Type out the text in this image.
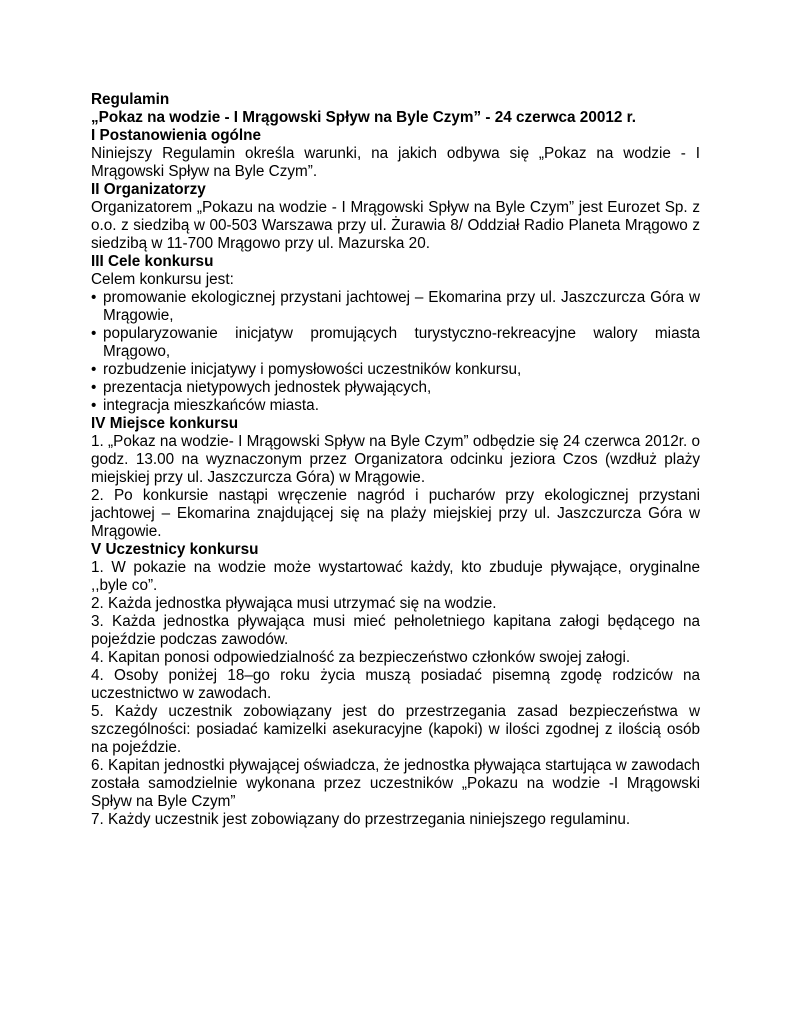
Regulamin

„Pokaz na wodzie - I Mrągowski Spływ na Byle Czym” - 24 czerwca 20012 r.

I Postanowienia ogólne

Niniejszy Regulamin określa warunki, na jakich odbywa się „Pokaz na wodzie - I Mrągowski Spływ na Byle Czym”.

II Organizatorzy

Organizatorem „Pokazu na wodzie - I Mrągowski Spływ na Byle Czym” jest Eurozet Sp. z o.o. z siedzibą w 00-503 Warszawa przy ul. Żurawia 8/ Oddział Radio Planeta Mrągowo z siedzibą w 11-700 Mrągowo przy ul. Mazurska 20.

III Cele konkursu

Celem konkursu jest:

• promowanie ekologicznej przystani jachtowej – Ekomarina przy ul. Jaszczurcza Góra w Mrągowie,

• popularyzowanie inicjatyw promujących turystyczno-rekreacyjne walory miasta Mrągowo,

• rozbudzenie inicjatywy i pomysłowości uczestników konkursu,

• prezentacja nietypowych jednostek pływających,

• integracja mieszkańców miasta.

IV Miejsce konkursu

1. „Pokaz na wodzie- I Mrągowski Spływ na Byle Czym” odbędzie się 24 czerwca 2012r. o godz. 13.00 na wyznaczonym przez Organizatora odcinku jeziora Czos (wzdłuż plaży miejskiej przy ul. Jaszczurcza Góra) w Mrągowie.

2. Po konkursie nastąpi wręczenie nagród i pucharów przy ekologicznej przystani jachtowej – Ekomarina znajdującej się na plaży miejskiej przy ul. Jaszczurcza Góra w Mrągowie.

V Uczestnicy konkursu

1. W pokazie na wodzie może wystartować każdy, kto zbuduje pływające, oryginalne ,,byle co”.

2. Każda jednostka pływająca musi utrzymać się na wodzie.

3. Każda jednostka pływająca musi mieć pełnoletniego kapitana załogi będącego na pojeździe podczas zawodów.

4. Kapitan ponosi odpowiedzialność za bezpieczeństwo członków swojej załogi.

4. Osoby poniżej 18–go roku życia muszą posiadać pisemną zgodę rodziców na uczestnictwo w zawodach.

5. Każdy uczestnik zobowiązany jest do przestrzegania zasad bezpieczeństwa w szczególności: posiadać kamizelki asekuracyjne (kapoki) w ilości zgodnej z ilością osób na pojeździe.

6. Kapitan jednostki pływającej oświadcza, że jednostka pływająca startująca w zawodach została samodzielnie wykonana przez uczestników „Pokazu na wodzie -I Mrągowski Spływ na Byle Czym”

7. Każdy uczestnik jest zobowiązany do przestrzegania niniejszego regulaminu.
